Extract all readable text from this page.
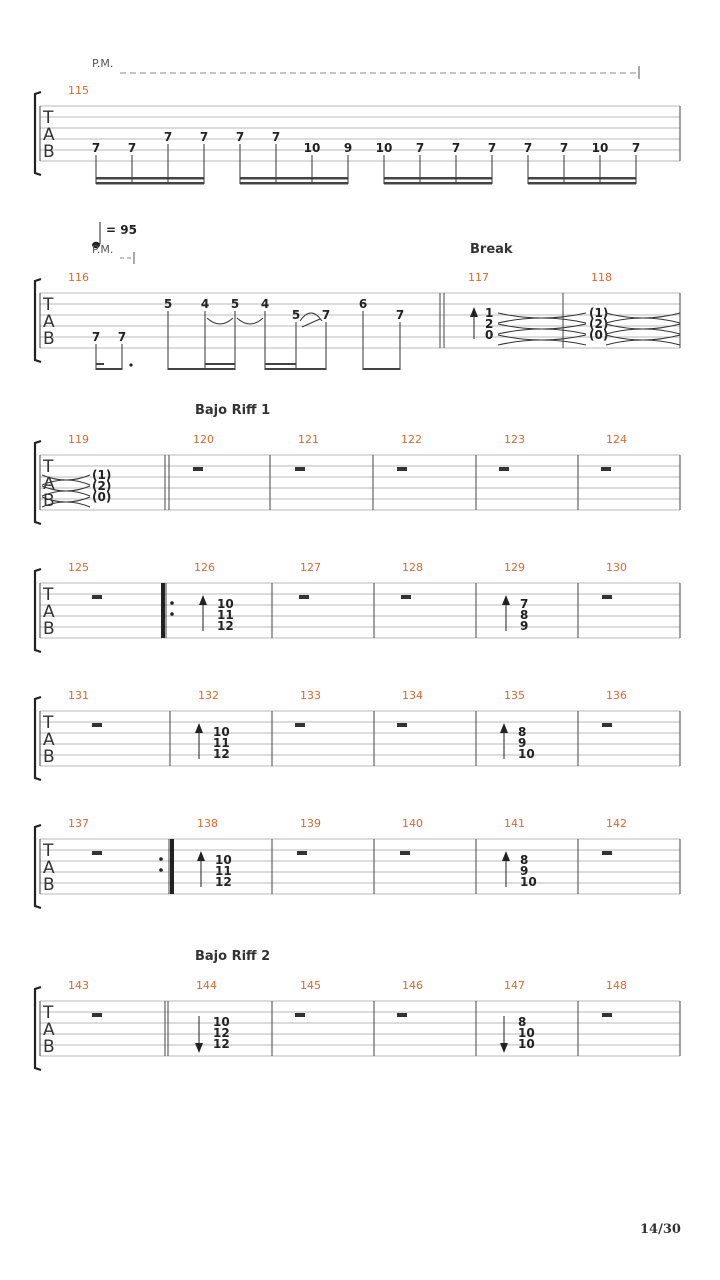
T
A
B
115
T
A
B
116	117	118
T
A
B
119	120	121	122	123	124
T
A
B
125	126	127	128	129	130
T
A
B
131	132	133	134	135	136
T
A
B
137	138	139	140	141	142
T
A
B
143	144	145	146	147	148
7 7
7 7 7 7
10 9 10 7 7 7 7 7 10 7
P.M.
= 95
P.M.
7 7
5 4 5 4
5 7
6
7
Break
1
2
0
(1)
(2)
(0)
Bajo Riff 1
(1)
(2)
(0)
10
11
12
7
8
9
10
11
12
8
9
10
10
11
12
8
9
10
Bajo Riff 2
10
12
12
8
10
10
14/30
